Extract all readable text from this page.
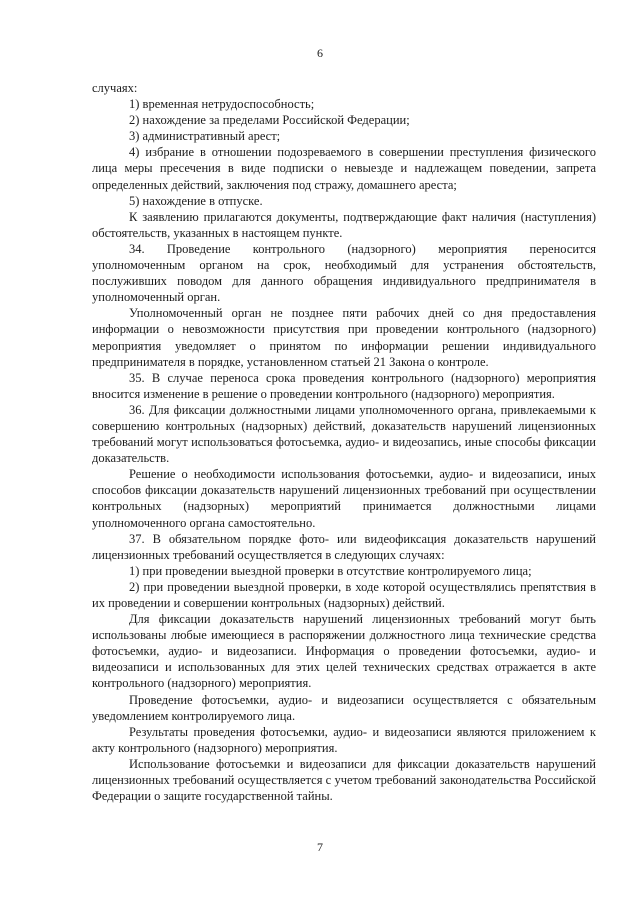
6

случаях:

1) временная нетрудоспособность;

2) нахождение за пределами Российской Федерации;

3) административный арест;

4) избрание в отношении подозреваемого в совершении преступления физического лица меры пресечения в виде подписки о невыезде и надлежащем поведении, запрета определенных действий, заключения под стражу, домашнего ареста;

5) нахождение в отпуске.

К заявлению прилагаются документы, подтверждающие факт наличия (наступления) обстоятельств, указанных в настоящем пункте.

34. Проведение контрольного (надзорного) мероприятия переносится уполномоченным органом на срок, необходимый для устранения обстоятельств, послуживших поводом для данного обращения индивидуального предпринимателя в уполномоченный орган.

Уполномоченный орган не позднее пяти рабочих дней со дня предоставления информации о невозможности присутствия при проведении контрольного (надзорного) мероприятия уведомляет о принятом по информации решении индивидуального предпринимателя в порядке, установленном статьей 21 Закона о контроле.

35. В случае переноса срока проведения контрольного (надзорного) мероприятия вносится изменение в решение о проведении контрольного (надзорного) мероприятия.

36. Для фиксации должностными лицами уполномоченного органа, привлекаемыми к совершению контрольных (надзорных) действий, доказательств нарушений лицензионных требований могут использоваться фотосъемка, аудио- и видеозапись, иные способы фиксации доказательств.

Решение о необходимости использования фотосъемки, аудио- и видеозаписи, иных способов фиксации доказательств нарушений лицензионных требований при осуществлении контрольных (надзорных) мероприятий принимается должностными лицами уполномоченного органа самостоятельно.

37. В обязательном порядке фото- или видеофиксация доказательств нарушений лицензионных требований осуществляется в следующих случаях:

1) при проведении выездной проверки в отсутствие контролируемого лица;

2) при проведении выездной проверки, в ходе которой осуществлялись препятствия в их проведении и совершении контрольных (надзорных) действий.

Для фиксации доказательств нарушений лицензионных требований могут быть использованы любые имеющиеся в распоряжении должностного лица технические средства фотосъемки, аудио- и видеозаписи. Информация о проведении фотосъемки, аудио- и видеозаписи и использованных для этих целей технических средствах отражается в акте контрольного (надзорного) мероприятия.

Проведение фотосъемки, аудио- и видеозаписи осуществляется с обязательным уведомлением контролируемого лица.

Результаты проведения фотосъемки, аудио- и видеозаписи являются приложением к акту контрольного (надзорного) мероприятия.

Использование фотосъемки и видеозаписи для фиксации доказательств нарушений лицензионных требований осуществляется с учетом требований законодательства Российской Федерации о защите государственной тайны.

7
